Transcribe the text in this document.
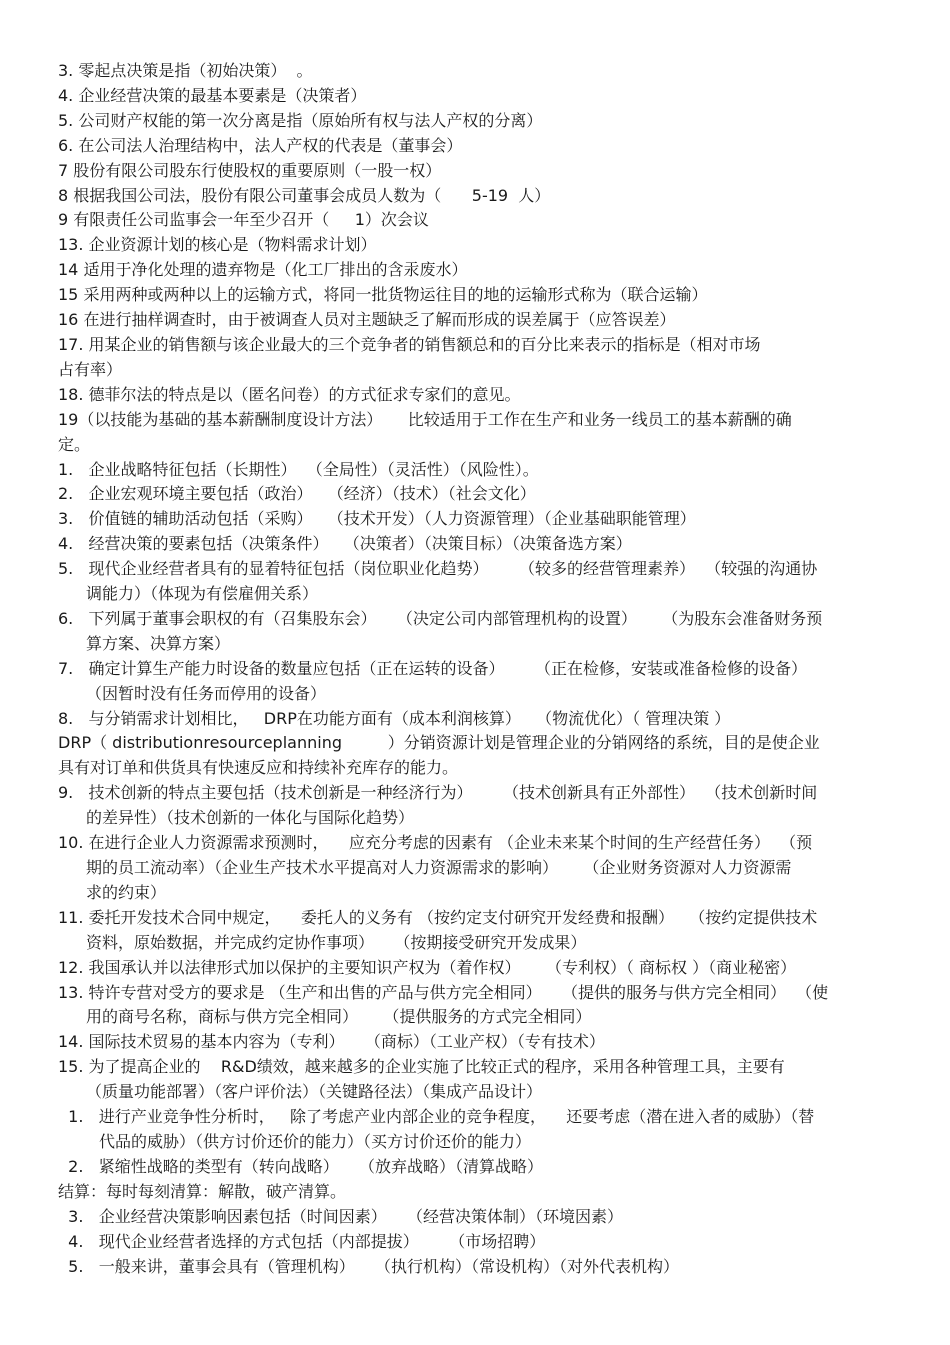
3. 零起点决策是指（初始决策）  。
4. 企业经营决策的最基本要素是（决策者）
5. 公司财产权能的第一次分离是指（原始所有权与法人产权的分离）
6. 在公司法人治理结构中，法人产权的代表是（董事会）
7 股份有限公司股东行使股权的重要原则（一股一权）
8 根据我国公司法，股份有限公司董事会成员人数为（      5-19  人）
9 有限责任公司监事会一年至少召开（     1）次会议
13. 企业资源计划的核心是（物料需求计划）
14 适用于净化处理的遗弃物是（化工厂排出的含汞废水）
15 采用两种或两种以上的运输方式，将同一批货物运往目的地的运输形式称为（联合运输）
16 在进行抽样调查时，由于被调查人员对主题缺乏了解而形成的误差属于（应答误差）
17. 用某企业的销售额与该企业最大的三个竞争者的销售额总和的百分比来表示的指标是（相对市场
占有率）
18. 德菲尔法的特点是以（匿名问卷）的方式征求专家们的意见。
19（以技能为基础的基本薪酬制度设计方法）     比较适用于工作在生产和业务一线员工的基本薪酬的确
定。
1.   企业战略特征包括（长期性）  （全局性）（灵活性）（风险性）。
2.   企业宏观环境主要包括（政治）   （经济）（技术）（社会文化）
3.   价值链的辅助活动包括（采购）   （技术开发）（人力资源管理）（企业基础职能管理）
4.   经营决策的要素包括（决策条件）   （决策者）（决策目标）（决策备选方案）
5.   现代企业经营者具有的显着特征包括（岗位职业化趋势）      （较多的经营管理素养）  （较强的沟通协
调能力）（体现为有偿雇佣关系）
6.   下列属于董事会职权的有（召集股东会）    （决定公司内部管理机构的设置）     （为股东会准备财务预
算方案、决算方案）
7.   确定计算生产能力时设备的数量应包括（正在运转的设备）      （正在检修，安装或准备检修的设备）
（因暂时没有任务而停用的设备）
8.   与分销需求计划相比，   DRP在功能方面有（成本利润核算）   （物流优化）（ 管理决策 ）
DRP（ distributionresourceplanning         ）分销资源计划是管理企业的分销网络的系统，目的是使企业
具有对订单和供货具有快速反应和持续补充库存的能力。
9.   技术创新的特点主要包括（技术创新是一种经济行为）      （技术创新具有正外部性）  （技术创新时间
的差异性）（技术创新的一体化与国际化趋势）
10. 在进行企业人力资源需求预测时，    应充分考虑的因素有 （企业未来某个时间的生产经营任务）  （预
期的员工流动率）（企业生产技术水平提高对人力资源需求的影响）     （企业财务资源对人力资源需
求的约束）
11. 委托开发技术合同中规定，    委托人的义务有 （按约定支付研究开发经费和报酬）   （按约定提供技术
资料，原始数据，并完成约定协作事项）    （按期接受研究开发成果）
12. 我国承认并以法律形式加以保护的主要知识产权为（着作权）     （专利权）（ 商标权 ）（商业秘密）
13. 特许专营对受方的要求是 （生产和出售的产品与供方完全相同）    （提供的服务与供方完全相同）  （使
用的商号名称，商标与供方完全相同）     （提供服务的方式完全相同）
14. 国际技术贸易的基本内容为（专利）    （商标）（工业产权）（专有技术）
15. 为了提高企业的    R&D绩效，越来越多的企业实施了比较正式的程序，采用各种管理工具，主要有
（质量功能部署）（客户评价法）（关键路径法）（集成产品设计）
1.   进行产业竞争性分析时，   除了考虑产业内部企业的竞争程度，    还要考虑（潜在进入者的威胁）（替
代品的威胁）（供方讨价还价的能力）（买方讨价还价的能力）
2.   紧缩性战略的类型有（转向战略）    （放弃战略）（清算战略）
结算：每时每刻清算：解散，破产清算。
3.   企业经营决策影响因素包括（时间因素）    （经营决策体制）（环境因素）
4.   现代企业经营者选择的方式包括（内部提拔）      （市场招聘）
5.   一般来讲，董事会具有（管理机构）    （执行机构）（常设机构）（对外代表机构）
